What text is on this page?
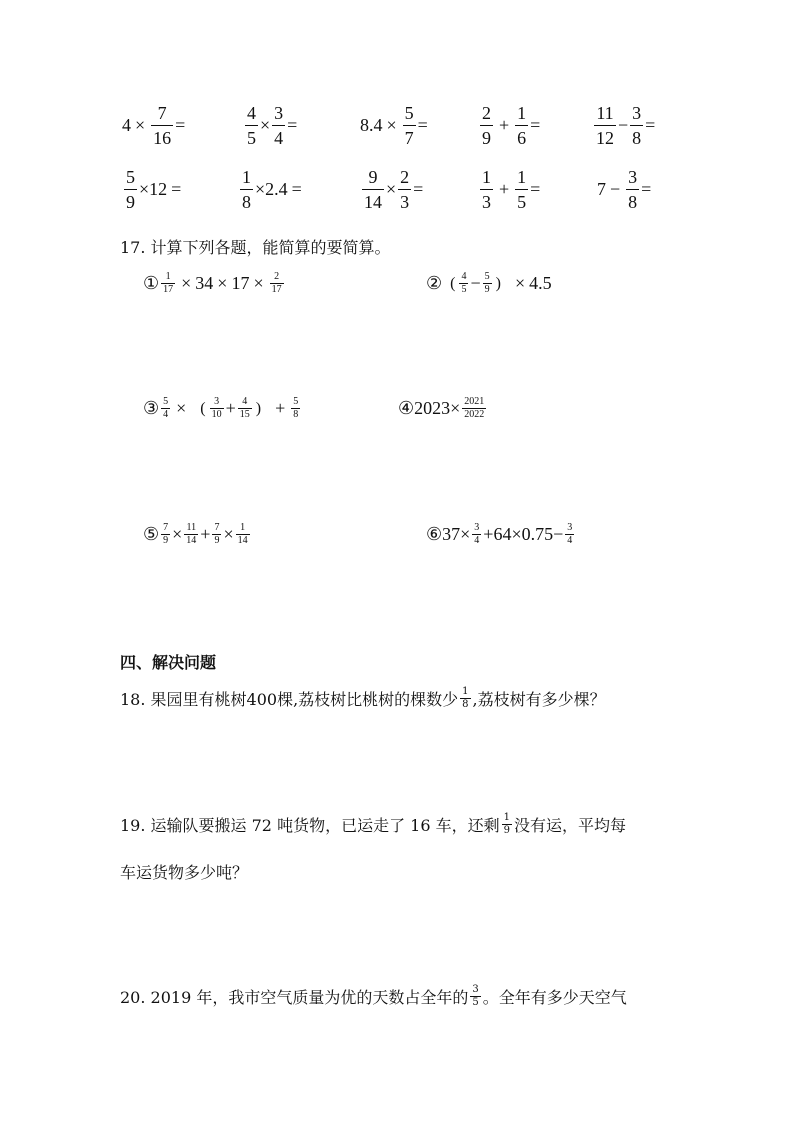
$4 \times \frac{7}{16}$ =	$\frac{4}{5} \times \frac{3}{4}$ =	$8.4 \times \frac{5}{7}$ =	$\frac{2}{9} + \frac{1}{6}$ =	$\frac{11}{12} - \frac{3}{8}$ =
$\frac{5}{9} \times 12$ =	$\frac{1}{8} \times 2.4$ =	$\frac{9}{14} \times \frac{2}{3}$ =	$\frac{1}{3} + \frac{1}{5}$ =	$7 - \frac{3}{8}$ =
17. 计算下列各题，能简算的要简算。
① $\frac{1}{17} \times 34 \times 17 \times \frac{2}{17}$	② ( $\frac{4}{5} - \frac{5}{9}$ ) × 4.5
③ $\frac{5}{4}$ × ( $\frac{3}{10} + \frac{4}{15}$ ) + $\frac{5}{8}$	④ $2023 \times \frac{2021}{2022}$
⑤ $\frac{7}{9} \times \frac{11}{14} + \frac{7}{9} \times \frac{1}{14}$	⑥ $37 \times \frac{3}{4} +64 \times 0.75 - \frac{3}{4}$
四、解决问题
18. 果园里有桃树400棵,荔枝树比桃树的棵数少 $\frac{1}{8}$ ,荔枝树有多少棵？
19. 运输队要搬运 72 吨货物，已运走了 16 车，还剩 $\frac{1}{9}$ 没有运，平均每
车运货物多少吨？
20. 2019 年，我市空气质量为优的天数占全年的 $\frac{3}{5}$ 。全年有多少天空气
